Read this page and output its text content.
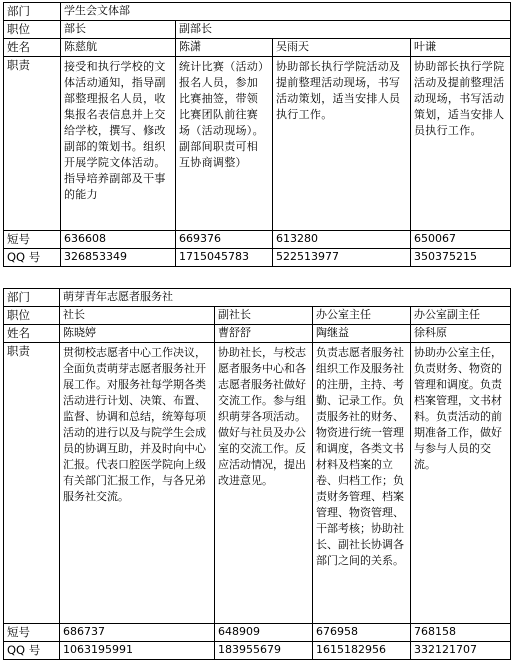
部门	学生会文体部			
职位	部长	副部长		
姓名	陈慈航	陈潇	吴雨天	叶谦
职责	接受和执行学校的文体活动通知，指导副部整理报名人员，收集报名表信息并上交给学校，撰写、修改副部的策划书。组织开展学院文体活动。指导培养副部及干事的能力	统计比赛（活动）报名人员，参加比赛抽签，带领比赛团队前往赛场（活动现场）。副部间职责可相互协商调整）	协助部长执行学院活动及提前整理活动现场，书写活动策划，适当安排人员执行工作。	协助部长执行学院活动及提前整理活动现场，书写活动策划，适当安排人员执行工作。
短号	636608	669376	613280	650067
QQ 号	326853349	1715045783	522513977	350375215
部门	萌芽青年志愿者服务社			
职位	社长	副社长	办公室主任	办公室副主任
姓名	陈晓婷	曹舒舒	陶继益	徐科原
职责	贯彻校志愿者中心工作决议，全面负责萌芽志愿者服务社开展工作。对服务社每学期各类活动进行计划、决策、布置、监督、协调和总结，统筹每项活动的进行以及与院学生会成员的协调互助，并及时向中心汇报。代表口腔医学院向上级有关部门汇报工作，与各兄弟服务社交流。	协助社长，与校志愿者服务中心和各志愿者服务社做好交流工作。参与组织萌芽各项活动。做好与社员及办公室的交流工作。反应活动情况，提出改进意见。	负责志愿者服务社组织工作及服务社的注册，主持、考勤、记录工作。负责服务社的财务、物资进行统一管理和调度，各类文书材料及档案的立卷、归档工作；负责财务管理、档案管理、物资管理、干部考核；协助社长、副社长协调各部门之间的关系。	协助办公室主任，负责财务、物资的管理和调度。负责档案管理，文书材料。负责活动的前期准备工作，做好与参与人员的交流。
短号	686737	648909	676958	768158
QQ 号	1063195991	183955679	1615182956	332121707
